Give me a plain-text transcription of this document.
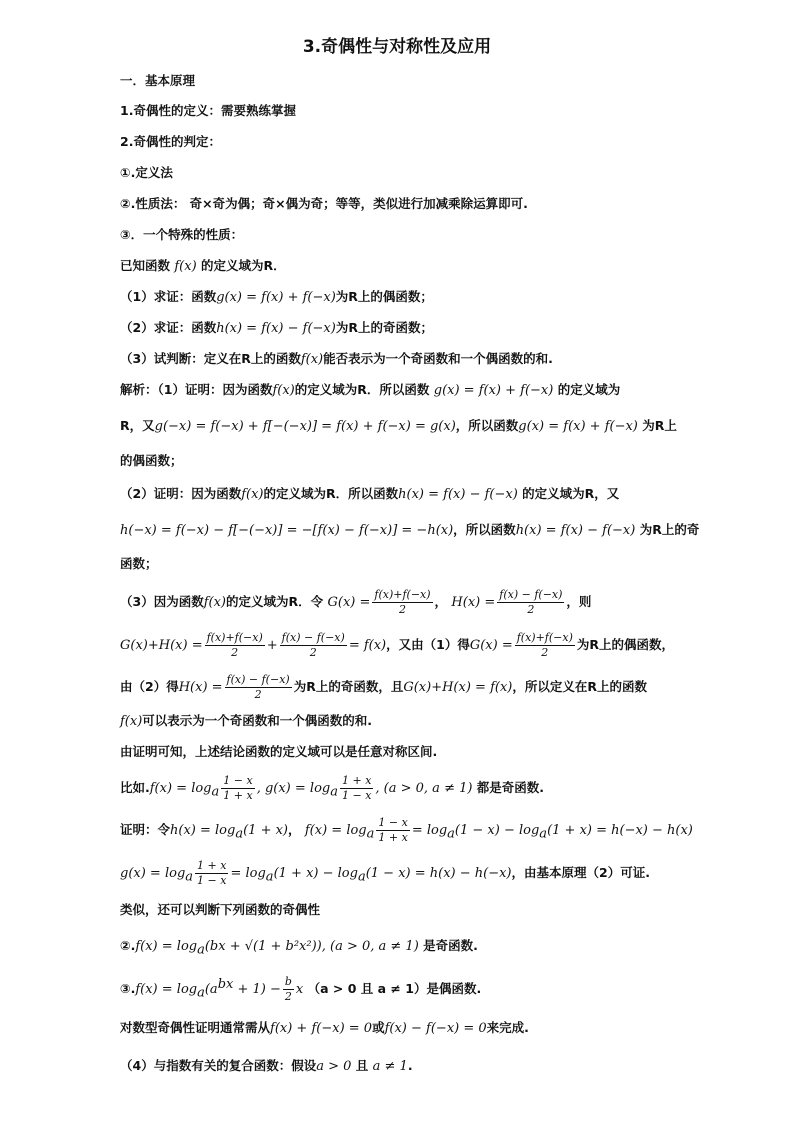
3.奇偶性与对称性及应用
一．基本原理
1.奇偶性的定义：需要熟练掌握
2.奇偶性的判定：
①.定义法
②.性质法： 奇×奇为偶；奇×偶为奇；等等，类似进行加减乘除运算即可.
③．一个特殊的性质：
已知函数 f(x) 的定义域为R．
（1）求证：函数g(x) = f(x) + f(−x)为R上的偶函数；
（2）求证：函数h(x) = f(x) − f(−x)为R上的奇函数；
（3）试判断：定义在R上的函数f(x)能否表示为一个奇函数和一个偶函数的和.
解析：（1）证明：因为函数f(x)的定义域为R．所以函数 g(x) = f(x) + f(−x) 的定义域为
R，又g(−x) = f(−x) + f[−(−x)] = f(x) + f(−x) = g(x)，所以函数g(x) = f(x) + f(−x) 为R上
的偶函数；
（2）证明：因为函数f(x)的定义域为R．所以函数h(x) = f(x) − f(−x) 的定义域为R，又
h(−x) = f(−x) − f[−(−x)] = −[f(x) − f(−x)] = −h(x)，所以函数h(x) = f(x) − f(−x) 为R上的奇
函数；
（3）因为函数f(x)的定义域为R．令 $G(x) = \frac{f(x)+f(-x)}{2}$ ， $H(x) = \frac{f(x) - f(-x)}{2}$ ，则
$G(x)+H(x) = \frac{f(x)+f(-x)}{2} + \frac{f(x) - f(-x)}{2} = f(x)$，又由（1）得$G(x) = \frac{f(x)+f(-x)}{2}$ 为R上的偶函数，
由（2）得$H(x) = \frac{f(x) - f(-x)}{2}$ 为R上的奇函数，且G(x)+H(x) = f(x)，所以定义在R上的函数
f(x)可以表示为一个奇函数和一个偶函数的和.
由证明可知，上述结论函数的定义域可以是任意对称区间.
比如$.f(x) = \log_a \frac{1 - x}{1 + x}$ , $g(x) = \log_a \frac{1 + x}{1 - x}$ , (a > 0, a ≠ 1) 都是奇函数.
证明：令$h(x) = \log_a(1 + x)$， $f(x) = \log_a \frac{1 - x}{1 + x} = \log_a(1 - x) - \log_a(1 + x) = h(-x) - h(x)$
$g(x) = \log_a \frac{1 + x}{1 - x} = \log_a(1 + x) - \log_a(1 - x) = h(x) - h(-x)$，由基本原理（2）可证.
类似，还可以判断下列函数的奇偶性
②.f(x) = $\log_a(bx + √(1 + b^2x^2))$, (a > 0, a ≠ 1) 是奇函数.
③.f(x) = $\log_a(a^{bx} + 1) - \frac{b}{2}$ x （a > 0 且 a ≠ 1）是偶函数.
对数型奇偶性证明通常需从f(x) + f(−x) = 0或f(x) − f(−x) = 0来完成.
（4）与指数有关的复合函数：假设a > 0 且 a ≠ 1.
